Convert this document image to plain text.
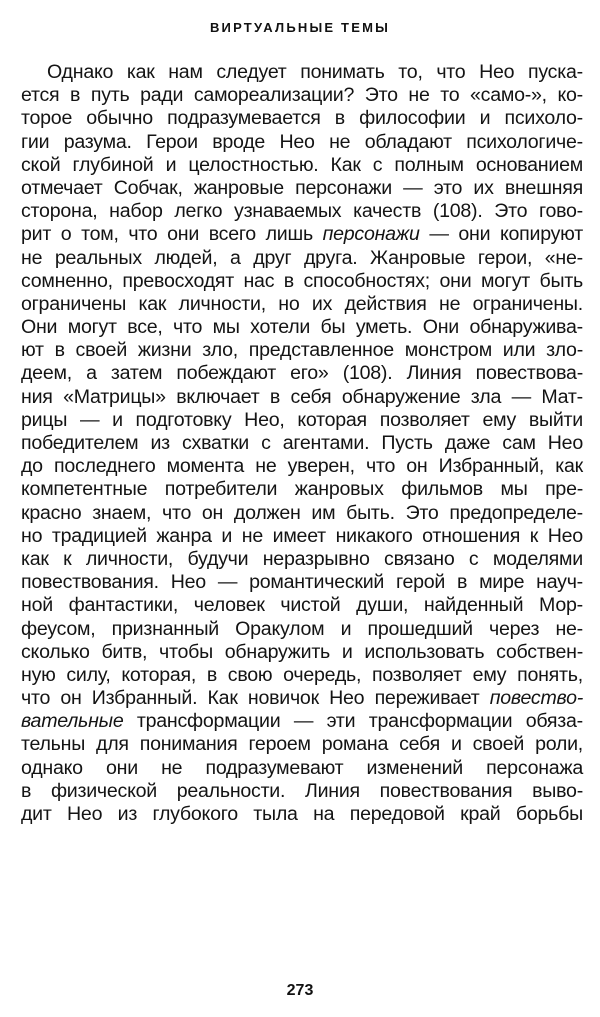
ВИРТУАЛЬНЫЕ ТЕМЫ
Однако как нам следует понимать то, что Нео пуска-
ется в путь ради самореализации? Это не то «само-», ко-
торое обычно подразумевается в философии и психоло-
гии разума. Герои вроде Нео не обладают психологиче-
ской глубиной и целостностью. Как с полным основанием
отмечает Собчак, жанровые персонажи — это их внешняя
сторона, набор легко узнаваемых качеств (108). Это гово-
рит о том, что они всего лишь персонажи — они копируют
не реальных людей, а друг друга. Жанровые герои, «не-
сомненно, превосходят нас в способностях; они могут быть
ограничены как личности, но их действия не ограничены.
Они могут все, что мы хотели бы уметь. Они обнаружива-
ют в своей жизни зло, представленное монстром или зло-
деем, а затем побеждают его» (108). Линия повествова-
ния «Матрицы» включает в себя обнаружение зла — Мат-
рицы — и подготовку Нео, которая позволяет ему выйти
победителем из схватки с агентами. Пусть даже сам Нео
до последнего момента не уверен, что он Избранный, как
компетентные потребители жанровых фильмов мы пре-
красно знаем, что он должен им быть. Это предопределе-
но традицией жанра и не имеет никакого отношения к Нео
как к личности, будучи неразрывно связано с моделями
повествования. Нео — романтический герой в мире науч-
ной фантастики, человек чистой души, найденный Мор-
феусом, признанный Оракулом и прошедший через не-
сколько битв, чтобы обнаружить и использовать собствен-
ную силу, которая, в свою очередь, позволяет ему понять,
что он Избранный. Как новичок Нео переживает повество-
вательные трансформации — эти трансформации обяза-
тельны для понимания героем романа себя и своей роли,
однако они не подразумевают изменений персонажа
в физической реальности. Линия повествования выво-
дит Нео из глубокого тыла на передовой край борьбы
273
